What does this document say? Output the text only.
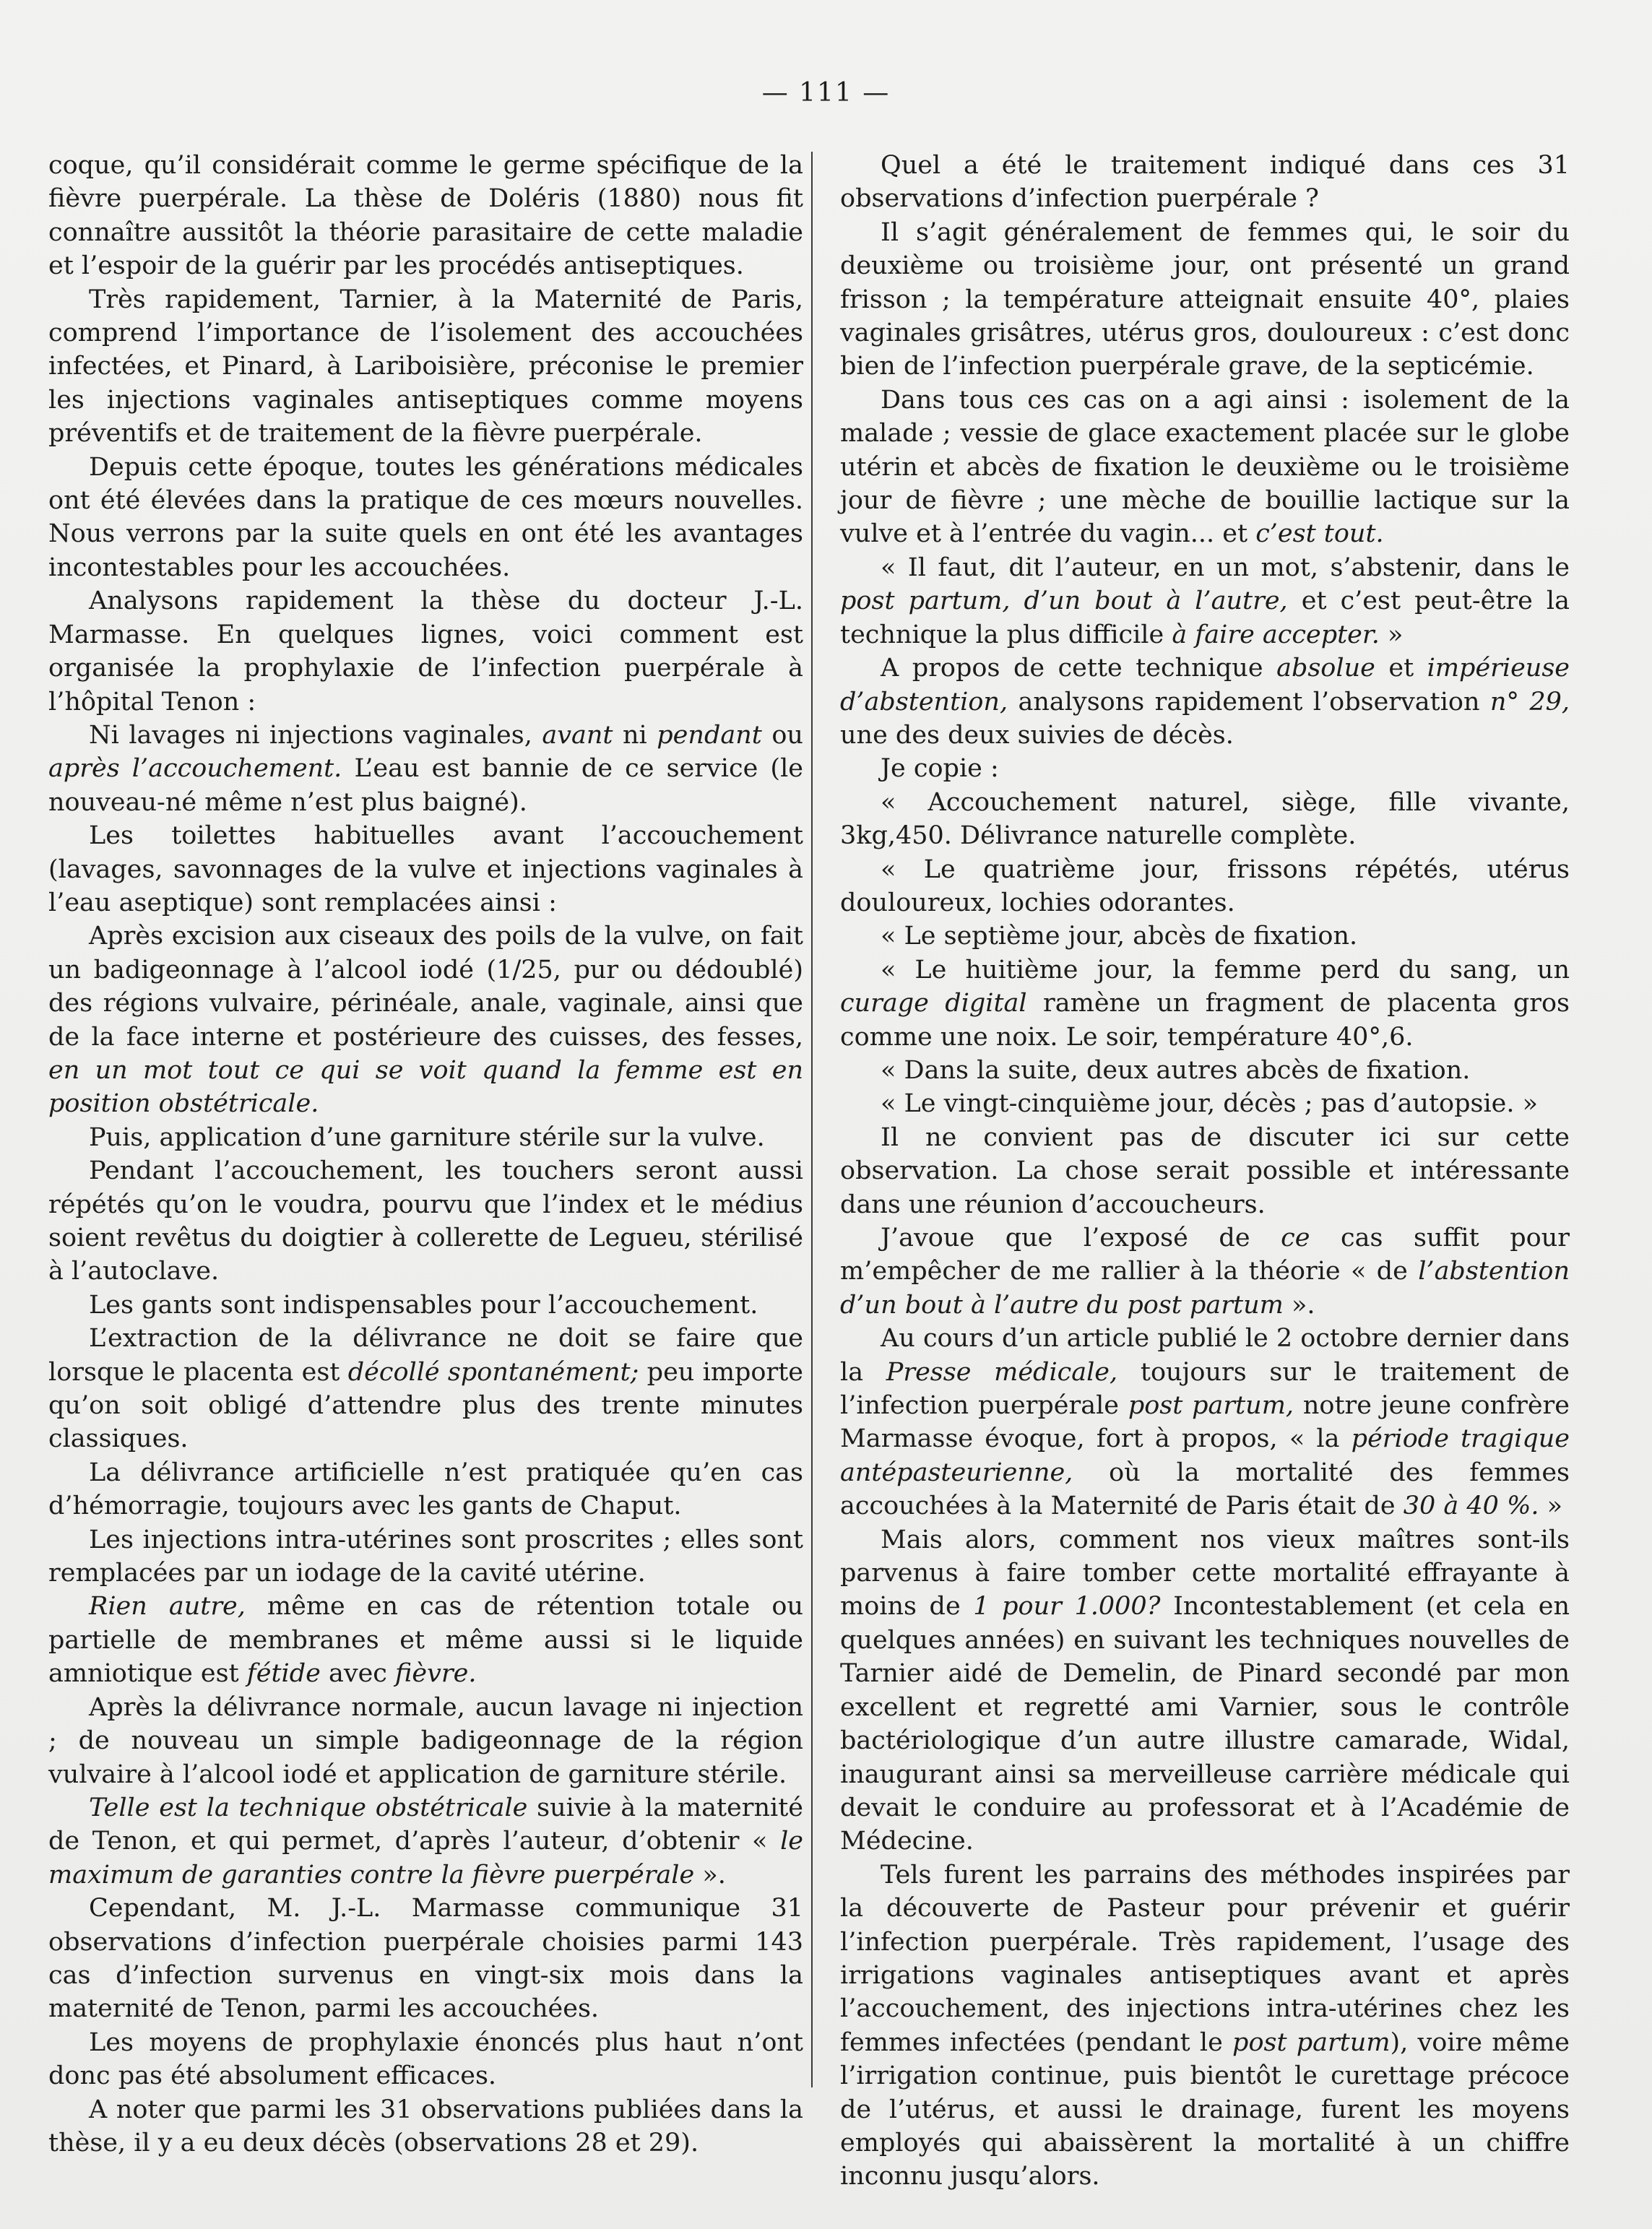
— 111 —

coque, qu’il considérait comme le germe spécifique de la fièvre puerpérale. La thèse de Doléris (1880) nous fit connaître aussitôt la théorie parasitaire de cette maladie et l’espoir de la guérir par les procédés antiseptiques.

Très rapidement, Tarnier, à la Maternité de Paris, comprend l’importance de l’isolement des accouchées infectées, et Pinard, à Lariboisière, préconise le premier les injections vaginales antiseptiques comme moyens préventifs et de traitement de la fièvre puerpérale.

Depuis cette époque, toutes les générations médicales ont été élevées dans la pratique de ces mœurs nouvelles. Nous verrons par la suite quels en ont été les avantages incontestables pour les accouchées.

Analysons rapidement la thèse du docteur J.-L. Marmasse. En quelques lignes, voici comment est organisée la prophylaxie de l’infection puerpérale à l’hôpital Tenon :

Ni lavages ni injections vaginales, avant ni pendant ou après l’accouchement. L’eau est bannie de ce service (le nouveau-né même n’est plus baigné).

Les toilettes habituelles avant l’accouchement (lavages, savonnages de la vulve et injections vaginales à l’eau aseptique) sont remplacées ainsi :

Après excision aux ciseaux des poils de la vulve, on fait un badigeonnage à l’alcool iodé (1/25, pur ou dédoublé) des régions vulvaire, périnéale, anale, vaginale, ainsi que de la face interne et postérieure des cuisses, des fesses, en un mot tout ce qui se voit quand la femme est en position obstétricale.

Puis, application d’une garniture stérile sur la vulve.

Pendant l’accouchement, les touchers seront aussi répétés qu’on le voudra, pourvu que l’index et le médius soient revêtus du doigtier à collerette de Legueu, stérilisé à l’autoclave.

Les gants sont indispensables pour l’accouchement.

L’extraction de la délivrance ne doit se faire que lorsque le placenta est décollé spontanément; peu importe qu’on soit obligé d’attendre plus des trente minutes classiques.

La délivrance artificielle n’est pratiquée qu’en cas d’hémorragie, toujours avec les gants de Chaput.

Les injections intra-utérines sont proscrites ; elles sont remplacées par un iodage de la cavité utérine.

Rien autre, même en cas de rétention totale ou partielle de membranes et même aussi si le liquide amniotique est fétide avec fièvre.

Après la délivrance normale, aucun lavage ni injection ; de nouveau un simple badigeonnage de la région vulvaire à l’alcool iodé et application de garniture stérile.

Telle est la technique obstétricale suivie à la maternité de Tenon, et qui permet, d’après l’auteur, d’obtenir « le maximum de garanties contre la fièvre puerpérale ».

Cependant, M. J.-L. Marmasse communique 31 observations d’infection puerpérale choisies parmi 143 cas d’infection survenus en vingt-six mois dans la maternité de Tenon, parmi les accouchées.

Les moyens de prophylaxie énoncés plus haut n’ont donc pas été absolument efficaces.

A noter que parmi les 31 observations publiées dans la thèse, il y a eu deux décès (observations 28 et 29).

Quel a été le traitement indiqué dans ces 31 observations d’infection puerpérale ?

Il s’agit généralement de femmes qui, le soir du deuxième ou troisième jour, ont présenté un grand frisson ; la température atteignait ensuite 40°, plaies vaginales grisâtres, utérus gros, douloureux : c’est donc bien de l’infection puerpérale grave, de la septicémie.

Dans tous ces cas on a agi ainsi : isolement de la malade ; vessie de glace exactement placée sur le globe utérin et abcès de fixation le deuxième ou le troisième jour de fièvre ; une mèche de bouillie lactique sur la vulve et à l’entrée du vagin... et c’est tout.

« Il faut, dit l’auteur, en un mot, s’abstenir, dans le post partum, d’un bout à l’autre, et c’est peut-être la technique la plus difficile à faire accepter. »

A propos de cette technique absolue et impérieuse d’abstention, analysons rapidement l’observation n° 29, une des deux suivies de décès.

Je copie :

« Accouchement naturel, siège, fille vivante, 3kg,450. Délivrance naturelle complète.

« Le quatrième jour, frissons répétés, utérus douloureux, lochies odorantes.

« Le septième jour, abcès de fixation.

« Le huitième jour, la femme perd du sang, un curage digital ramène un fragment de placenta gros comme une noix. Le soir, température 40°,6.

« Dans la suite, deux autres abcès de fixation.

« Le vingt-cinquième jour, décès ; pas d’autopsie. »

Il ne convient pas de discuter ici sur cette observation. La chose serait possible et intéressante dans une réunion d’accoucheurs.

J’avoue que l’exposé de ce cas suffit pour m’empêcher de me rallier à la théorie « de l’abstention d’un bout à l’autre du post partum ».

Au cours d’un article publié le 2 octobre dernier dans la Presse médicale, toujours sur le traitement de l’infection puerpérale post partum, notre jeune confrère Marmasse évoque, fort à propos, « la période tragique antépasteurienne, où la mortalité des femmes accouchées à la Maternité de Paris était de 30 à 40 %. »

Mais alors, comment nos vieux maîtres sont-ils parvenus à faire tomber cette mortalité effrayante à moins de 1 pour 1.000? Incontestablement (et cela en quelques années) en suivant les techniques nouvelles de Tarnier aidé de Demelin, de Pinard secondé par mon excellent et regretté ami Varnier, sous le contrôle bactériologique d’un autre illustre camarade, Widal, inaugurant ainsi sa merveilleuse carrière médicale qui devait le conduire au professorat et à l’Académie de Médecine.

Tels furent les parrains des méthodes inspirées par la découverte de Pasteur pour prévenir et guérir l’infection puerpérale. Très rapidement, l’usage des irrigations vaginales antiseptiques avant et après l’accouchement, des injections intra-utérines chez les femmes infectées (pendant le post partum), voire même l’irrigation continue, puis bientôt le curettage précoce de l’utérus, et aussi le drainage, furent les moyens employés qui abaissèrent la mortalité à un chiffre inconnu jusqu’alors.
